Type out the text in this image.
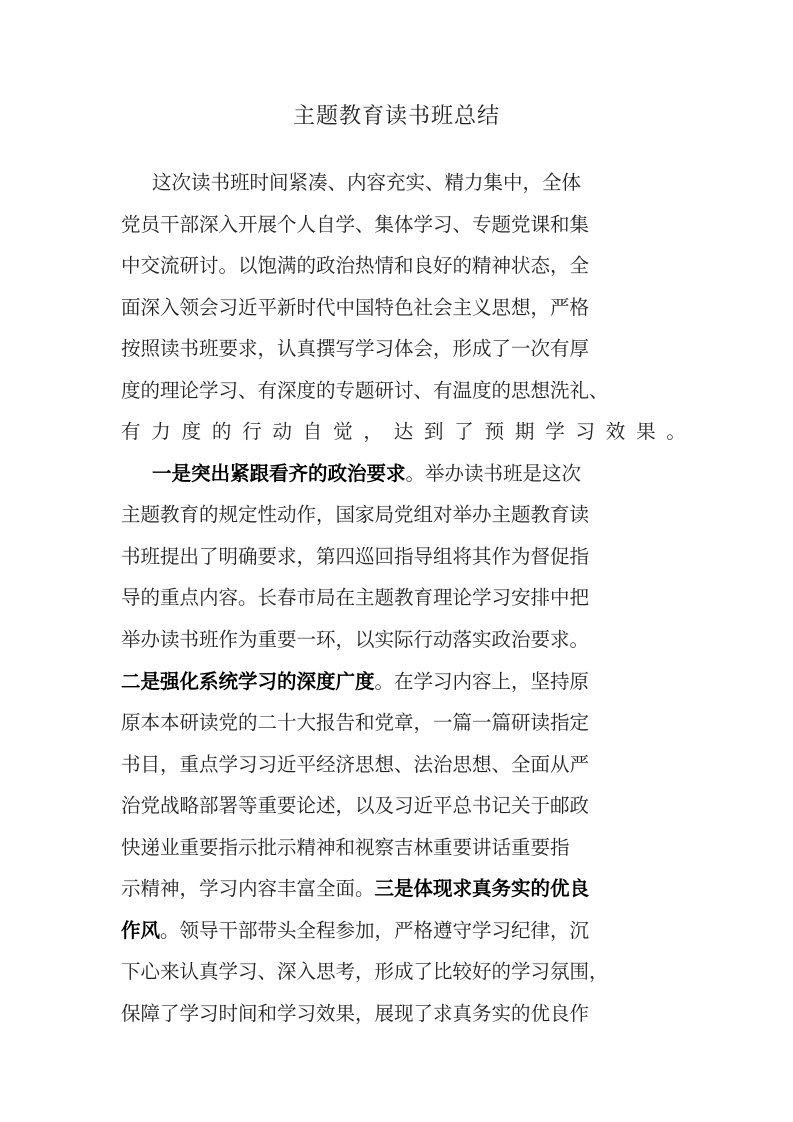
主题教育读书班总结
这次读书班时间紧凑、内容充实、精力集中，全体
党员干部深入开展个人自学、集体学习、专题党课和集
中交流研讨。以饱满的政治热情和良好的精神状态，全
面深入领会习近平新时代中国特色社会主义思想，严格
按照读书班要求，认真撰写学习体会，形成了一次有厚
度的理论学习、有深度的专题研讨、有温度的思想洗礼、
有力度的行动自觉，达到了预期学习效果。
一是突出紧跟看齐的政治要求。举办读书班是这次
主题教育的规定性动作，国家局党组对举办主题教育读
书班提出了明确要求，第四巡回指导组将其作为督促指
导的重点内容。长春市局在主题教育理论学习安排中把
举办读书班作为重要一环，以实际行动落实政治要求。
二是强化系统学习的深度广度。在学习内容上，坚持原
原本本研读党的二十大报告和党章，一篇一篇研读指定
书目，重点学习习近平经济思想、法治思想、全面从严
治党战略部署等重要论述，以及习近平总书记关于邮政
快递业重要指示批示精神和视察吉林重要讲话重要指
示精神，学习内容丰富全面。三是体现求真务实的优良
作风。领导干部带头全程参加，严格遵守学习纪律，沉
下心来认真学习、深入思考，形成了比较好的学习氛围，
保障了学习时间和学习效果，展现了求真务实的优良作
